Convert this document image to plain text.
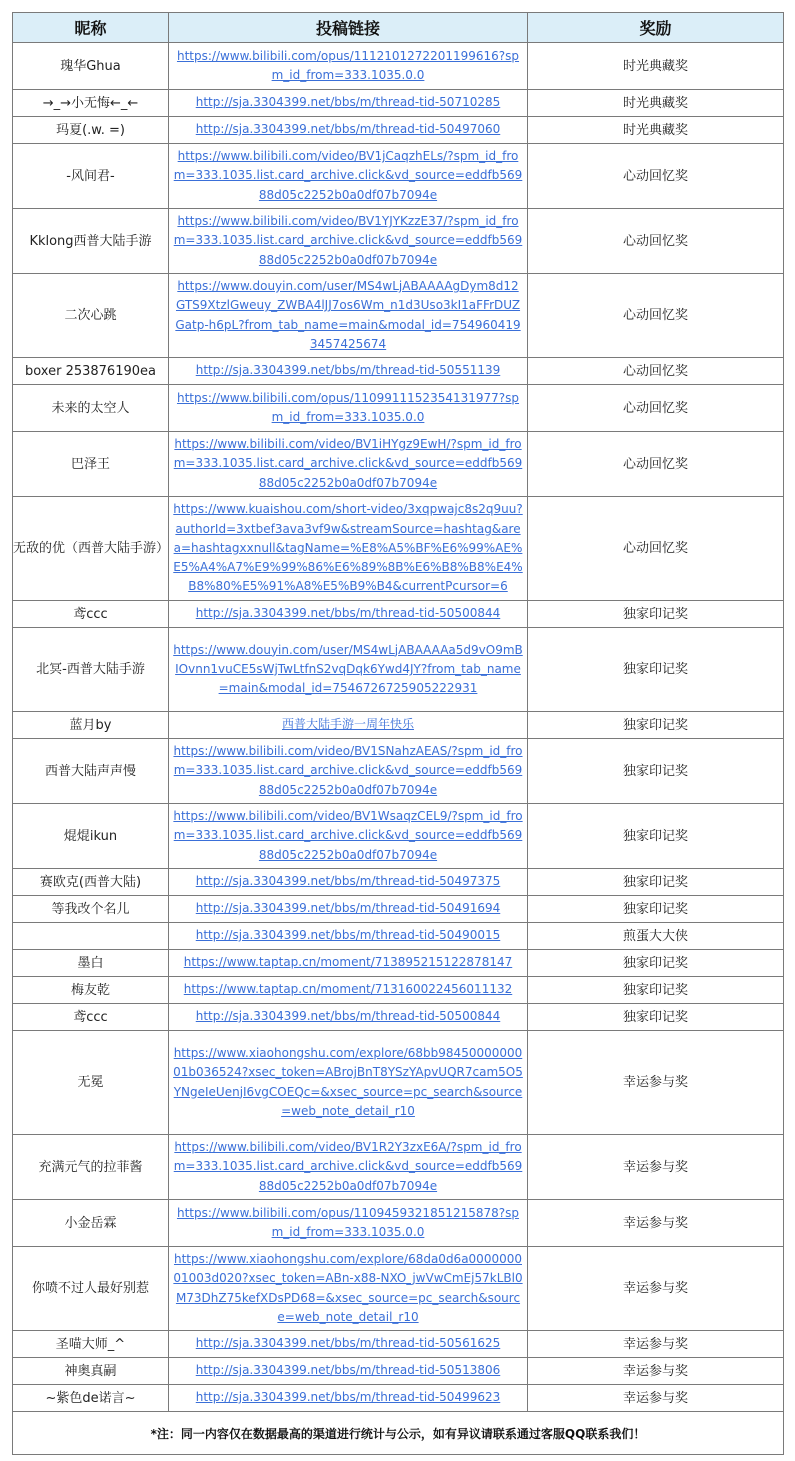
昵称	投稿链接	奖励
瑰华Ghua	https://www.bilibili.com/opus/1112101272201199616?spm_id_from=333.1035.0.0	时光典藏奖
→_→小无悔←_←	http://sja.3304399.net/bbs/m/thread-tid-50710285	时光典藏奖
玛夏(.w. =)	http://sja.3304399.net/bbs/m/thread-tid-50497060	时光典藏奖
-风间君-	https://www.bilibili.com/video/BV1jCaqzhELs/?spm_id_from=333.1035.list.card_archive.click&vd_source=eddfb56988d05c2252b0a0df07b7094e	心动回忆奖
Kklong西普大陆手游	https://www.bilibili.com/video/BV1YJYKzzE37/?spm_id_from=333.1035.list.card_archive.click&vd_source=eddfb56988d05c2252b0a0df07b7094e	心动回忆奖
二次心跳	https://www.douyin.com/user/MS4wLjABAAAAgDym8d12GTS9XtzlGweuy_ZWBA4lJJ7os6Wm_n1d3Uso3kI1aFFrDUZGatp-h6pL?from_tab_name=main&modal_id=7549604193457425674	心动回忆奖
boxer 253876190ea	http://sja.3304399.net/bbs/m/thread-tid-50551139	心动回忆奖
未来的太空人	https://www.bilibili.com/opus/1109911152354131977?spm_id_from=333.1035.0.0	心动回忆奖
巴泽王	https://www.bilibili.com/video/BV1iHYgz9EwH/?spm_id_from=333.1035.list.card_archive.click&vd_source=eddfb56988d05c2252b0a0df07b7094e	心动回忆奖
无敌的优（西普大陆手游）	https://www.kuaishou.com/short-video/3xqpwajc8s2q9uu?authorId=3xtbef3ava3vf9w&streamSource=hashtag&area=hashtagxxnull&tagName=%E8%A5%BF%E6%99%AE%E5%A4%A7%E9%99%86%E6%89%8B%E6%B8%B8%E4%B8%80%E5%91%A8%E5%B9%B4&currentPcursor=6	心动回忆奖
鸢ccc	http://sja.3304399.net/bbs/m/thread-tid-50500844	独家印记奖
北冥-西普大陆手游	https://www.douyin.com/user/MS4wLjABAAAAa5d9vO9mBIOvnn1vuCE5sWjTwLtfnS2vqDqk6Ywd4JY?from_tab_name=main&modal_id=7546726725905222931	独家印记奖
蓝月by	西普大陆手游一周年快乐	独家印记奖
西普大陆声声慢	https://www.bilibili.com/video/BV1SNahzAEAS/?spm_id_from=333.1035.list.card_archive.click&vd_source=eddfb56988d05c2252b0a0df07b7094e	独家印记奖
焜焜ikun	https://www.bilibili.com/video/BV1WsaqzCEL9/?spm_id_from=333.1035.list.card_archive.click&vd_source=eddfb56988d05c2252b0a0df07b7094e	独家印记奖
赛欧克(西普大陆)	http://sja.3304399.net/bbs/m/thread-tid-50497375	独家印记奖
等我改个名儿	http://sja.3304399.net/bbs/m/thread-tid-50491694	独家印记奖
	http://sja.3304399.net/bbs/m/thread-tid-50490015	煎蛋大大侠
墨白	https://www.taptap.cn/moment/713895215122878147	独家印记奖
梅友乾	https://www.taptap.cn/moment/713160022456011132	独家印记奖
鸢ccc	http://sja.3304399.net/bbs/m/thread-tid-50500844	独家印记奖
无冕	https://www.xiaohongshu.com/explore/68bb9845000000001b036524?xsec_token=ABrojBnT8YSzYApvUQR7cam5O5YNgeIeUenjI6vgCOEQc=&xsec_source=pc_search&source=web_note_detail_r10	幸运参与奖
充满元气的拉菲酱	https://www.bilibili.com/video/BV1R2Y3zxE6A/?spm_id_from=333.1035.list.card_archive.click&vd_source=eddfb56988d05c2252b0a0df07b7094e	幸运参与奖
小金岳霖	https://www.bilibili.com/opus/1109459321851215878?spm_id_from=333.1035.0.0	幸运参与奖
你喷不过人最好别惹	https://www.xiaohongshu.com/explore/68da0d6a000000001003d020?xsec_token=ABn-x88-NXO_jwVwCmEj57kLBl0M73DhZ75kefXDsPD68=&xsec_source=pc_search&source=web_note_detail_r10	幸运参与奖
圣喵大师_^	http://sja.3304399.net/bbs/m/thread-tid-50561625	幸运参与奖
神奥真嗣	http://sja.3304399.net/bbs/m/thread-tid-50513806	幸运参与奖
~紫色de诺言~	http://sja.3304399.net/bbs/m/thread-tid-50499623	幸运参与奖
*注：同一内容仅在数据最高的渠道进行统计与公示，如有异议请联系通过客服QQ联系我们！		
